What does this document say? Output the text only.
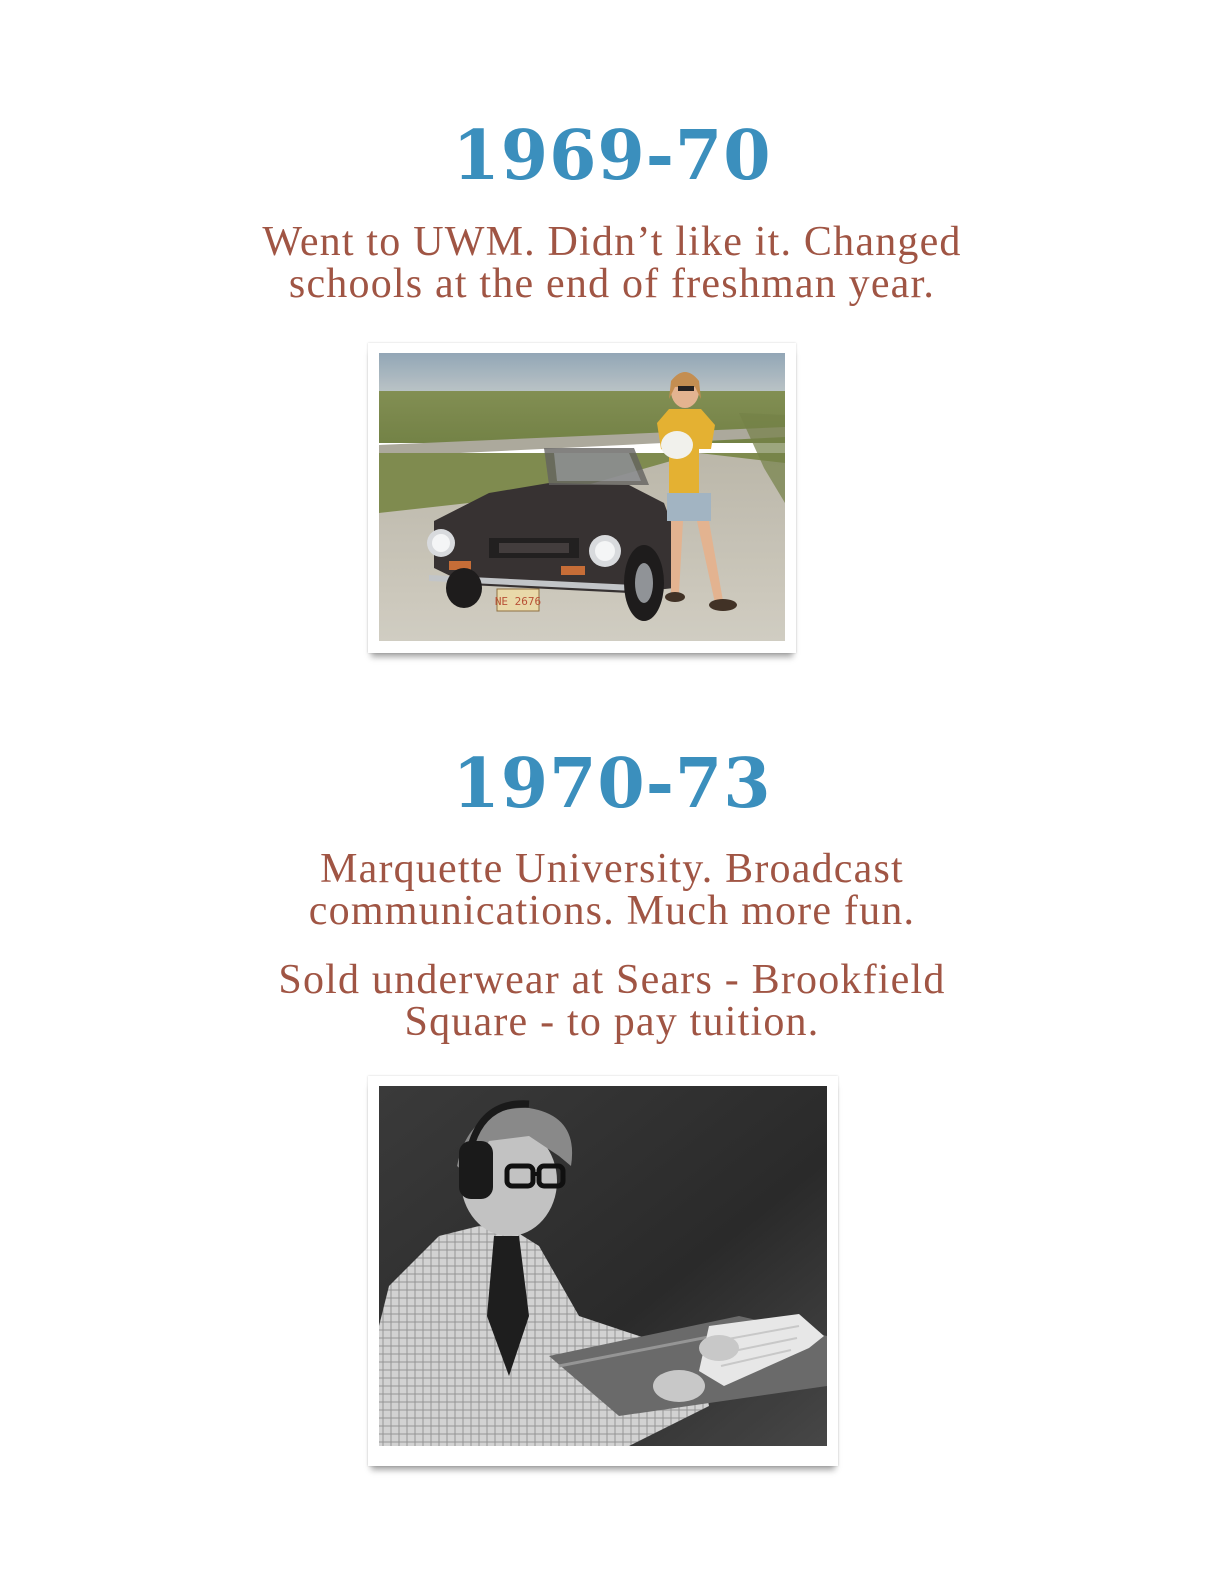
1969-70
Went to UWM. Didn’t like it. Changed
schools at the end of freshman year.
NE 2676
1970-73
Marquette University. Broadcast
communications. Much more fun.
Sold underwear at Sears - Brookfield
Square - to pay tuition.
